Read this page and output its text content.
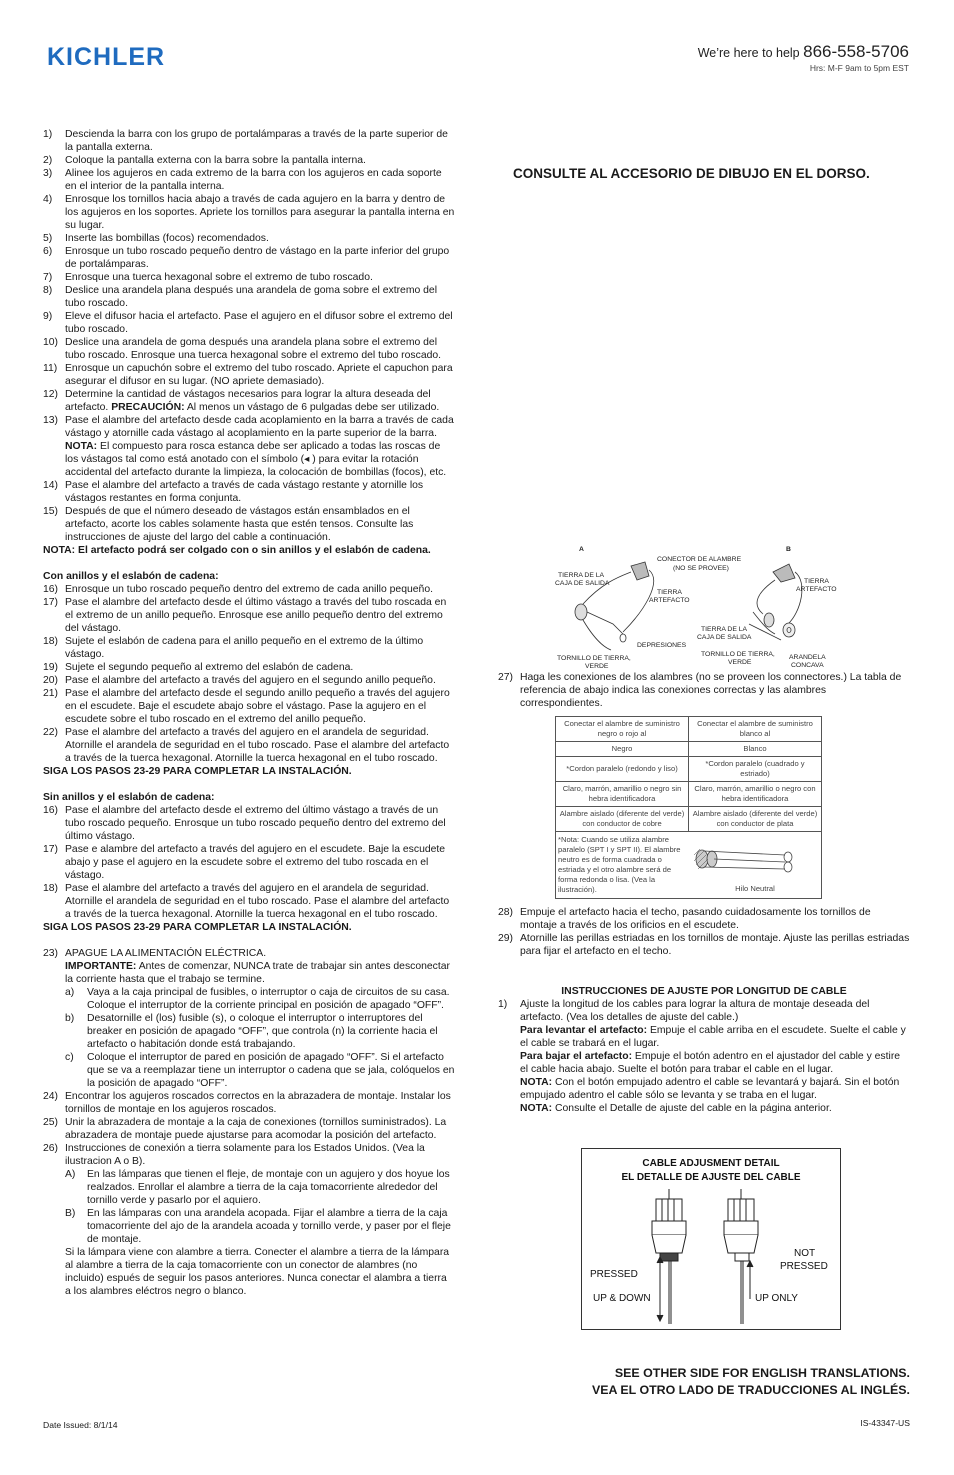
KICHLER	We’re here to help 866-558-5706
Hrs: M-F 9am to 5pm EST
1)	Descienda la barra con los grupo de portalámparas a través de la parte superior de la pantalla externa.
2)	Coloque la pantalla externa con la barra sobre la pantalla interna.
3)	Alinee los agujeros en cada extremo de la barra con los agujeros en cada soporte en el interior de la pantalla interna.
4)	Enrosque los tornillos hacia abajo a través de cada agujero en la barra y dentro de los agujeros en los soportes. Apriete los tornillos para asegurar la pantalla interna en su lugar.
5)	Inserte las bombillas (focos) recomendados.
6)	Enrosque un tubo roscado pequeño dentro de vástago en la parte inferior del grupo de portalámparas.
7)	Enrosque una tuerca hexagonal sobre el extremo de tubo roscado.
8)	Deslice una arandela plana después una arandela de goma sobre el extremo del tubo roscado.
9)	Eleve el difusor hacia el artefacto. Pase el agujero en el difusor sobre el extremo del tubo roscado.
10) Deslice una arandela de goma después una arandela plana sobre el extremo del tubo roscado. Enrosque una tuerca hexagonal sobre el extremo del tubo roscado.
11) Enrosque un capuchón sobre el extremo del tubo roscado. Apriete el capuchon para asegurar el difusor en su lugar. (NO apriete demasiado).
12) Determine la cantidad de vástagos necesarios para lograr la altura deseada del artefacto. PRECAUCIÓN: Al menos un vástago de 6 pulgadas debe ser utilizado.
13) Pase el alambre del artefacto desde cada acoplamiento en la barra a través de cada vástago y atornille cada vástago al acoplamiento en la parte superior de la barra. NOTA: El compuesto para rosca estanca debe ser aplicado a todas las roscas de los vástagos tal como está anotado con el símbolo (◂ ) para evitar la rotación accidental del artefacto durante la limpieza, la colocación de bombillas (focos), etc.
14) Pase el alambre del artefacto a través de cada vástago restante y atornille los vástagos restantes en forma conjunta.
15) Después de que el número deseado de vástagos están ensamblados en el artefacto, acorte los cables solamente hasta que estén tensos. Consulte las instrucciones de ajuste del largo del cable a continuación.
NOTA: El artefacto podrá ser colgado con o sin anillos y el eslabón de cadena.
Con anillos y el eslabón de cadena:
16) Enrosque un tubo roscado pequeño dentro del extremo de cada anillo pequeño.
17) Pase el alambre del artefacto desde el último vástago a través del tubo roscada en el extremo de un anillo pequeño. Enrosque ese anillo pequeño dentro del extremo del vástago.
18) Sujete el eslabón de cadena para el anillo pequeño en el extremo de la último vástago.
19) Sujete el segundo pequeño al extremo del eslabón de cadena.
20) Pase el alambre del artefacto a través del agujero en el segundo anillo pequeño.
21) Pase el alambre del artefacto desde el segundo anillo pequeño a través del agujero en el escudete. Baje el escudete abajo sobre el vástago. Pase la agujero en el escudete sobre el tubo roscado en el extremo del anillo pequeño.
22) Pase el alambre del artefacto a través del agujero en el arandela de seguridad. Atornille el arandela de seguridad en el tubo roscado. Pase el alambre del artefacto a través de la tuerca hexagonal. Atornille la tuerca hexagonal en el tubo roscado.
SIGA LOS PASOS 23-29 PARA COMPLETAR LA INSTALACIÓN.
Sin anillos y el eslabón de cadena:
16) Pase el alambre del artefacto desde el extremo del último vástago a través de un tubo roscado pequeño. Enrosque un tubo roscado pequeño dentro del extremo del último vástago.
17) Pase e alambre del artefacto a través del agujero en el escudete. Baje la escudete abajo y pase el agujero en la escudete sobre el extremo del tubo roscada en el vástago.
18) Pase el alambre del artefacto a través del agujero en el arandela de seguridad. Atornille el arandela de seguridad en el tubo roscado. Pase el alambre del artefacto a través de la tuerca hexagonal. Atornille la tuerca hexagonal en el tubo roscado.
SIGA LOS PASOS 23-29 PARA COMPLETAR LA INSTALACIÓN.
23) APAGUE LA ALIMENTACIÓN ELÉCTRICA.
IMPORTANTE: Antes de comenzar, NUNCA trate de trabajar sin antes desconectar la corriente hasta que el trabajo se termine.
a)	Vaya a la caja principal de fusibles, o interruptor o caja de circuitos de su casa. Coloque el interruptor de la corriente principal en posición de apagado “OFF”.
b)	Desatornille el (los) fusible (s), o coloque el interruptor o interruptores del breaker en posición de apagado “OFF”, que controla (n) la corriente hacia el artefacto o habitación donde está trabajando.
c)	Coloque el interruptor de pared en posición de apagado “OFF”. Si el artefacto que se va a reemplazar tiene un interruptor o cadena que se jala, colóquelos en la posición de apagado “OFF”.
24) Encontrar los agujeros roscados correctos en la abrazadera de montaje. Instalar los tornillos de montaje en los agujeros roscados.
25) Unir la abrazadera de montaje a la caja de conexiones (tornillos suministrados). La abrazadera de montaje puede ajustarse para acomodar la posición del artefacto.
26) Instrucciones de conexión a tierra solamente para los Estados Unidos. (Vea la ilustracion A o B).
A)	En las lámparas que tienen el fleje, de montaje con un agujero y dos hoyue los realzados. Enrollar el alambre a tierra de la caja tomacorriente alrededor del tornillo verde y pasarlo por el aquiero.
B)	En las lámparas con una arandela acopada. Fijar el alambre a tierra de la caja tomacorriente del ajo de la arandela acoada y tornillo verde, y paser por el fleje de montaje.
Si la lámpara viene con alambre a tierra. Conecter el alambre a tierra de la lámpara al alambre a tierra de la caja tomacorriente con un conector de alambres (no incluido) espués de seguir los pasos anteriores. Nunca conectar el alambra a tierra a los alambres eléctros negro o blanco.
CONSULTE AL ACCESORIO DE DIBUJO EN EL DORSO.
A	B
CONECTOR DE ALAMBRE
(NO SE PROVEE)
TIERRA DE LA
CAJA DE SALIDA
TIERRA
ARTEFACTO
DEPRESIONES
TORNILLO DE TIERRA,
VERDE
TIERRA
ARTEFACTO
TIERRA DE LA
CAJA DE SALIDA
TORNILLO DE TIERRA,
VERDE
ARANDELA
CONCAVA
27) Haga les conexiones de los alambres (no se proveen los connectores.) La tabla de referencia de abajo indica las conexiones correctas y las alambres correspondientes.
Conectar el alambre de suministro negro o rojo al	Conectar el alambre de suministro blanco al
Negro	Blanco
*Cordon paralelo (redondo y liso)	*Cordon paralelo (cuadrado y estriado)
Claro, marrón, amarillio o negro sin hebra identificadora	Claro, marrón, amarillio o negro con hebra identificadora
Alambre aislado (diferente del verde) con conductor de cobre	Alambre aislado (diferente del verde) con conductor de plata
*Nota: Cuando se utiliza alambre paralelo (SPT I y SPT II). El alambre neutro es de forma cuadrada o estriada y el otro alambre será de forma redonda o lisa. (Vea la ilustración).	Hilo Neutral
28) Empuje el artefacto hacia el techo, pasando cuidadosamente los tornillos de montaje a través de los orificios en el escudete.
29) Atornille las perillas estriadas en los tornillos de montaje. Ajuste las perillas estriadas para fijar el artefacto en el techo.
INSTRUCCIONES DE AJUSTE POR LONGITUD DE CABLE
1)	Ajuste la longitud de los cables para lograr la altura de montaje deseada del artefacto. (Vea los detalles de ajuste del cable.)
Para levantar el artefacto: Empuje el cable arriba en el escudete. Suelte el cable y el cable se trabará en el lugar.
Para bajar el artefacto: Empuje el botón adentro en el ajustador del cable y estire el cable hacia abajo. Suelte el botón para trabar el cable en el lugar.
NOTA: Con el botón empujado adentro el cable se levantará y bajará. Sin el botón empujado adentro el cable sólo se levanta y se traba en el lugar.
NOTA: Consulte el Detalle de ajuste del cable en la página anterior.
CABLE ADJUSMENT DETAIL
EL DETALLE DE AJUSTE DEL CABLE
PRESSED
NOT
PRESSED
UP & DOWN	UP ONLY
SEE OTHER SIDE FOR ENGLISH TRANSLATIONS.
VEA EL OTRO LADO DE TRADUCCIONES AL INGLÉS.
Date Issued: 8/1/14	IS-43347-US
